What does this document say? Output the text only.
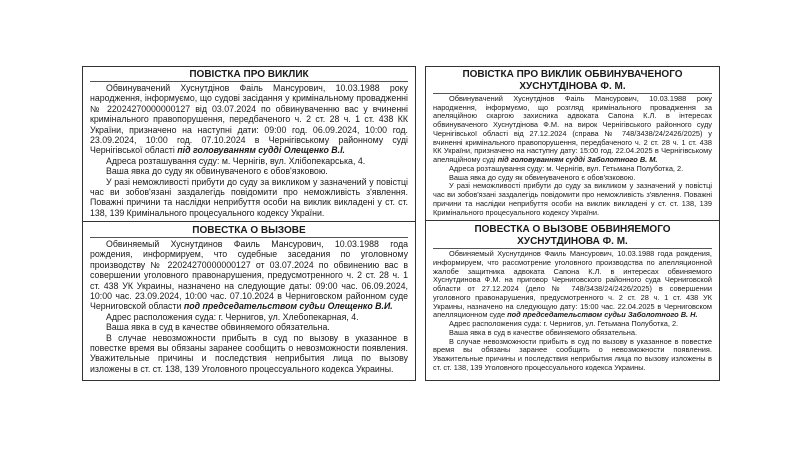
ПОВІСТКА ПРО ВИКЛИК

Обвинувачений Хуснутдінов Фаіль Мансурович, 10.03.1988 року народження, інформуємо, що судові засідання у кримінальному провадженні № 22024270000000127 від 03.07.2024 по обвинуваченню вас у вчиненні кримінального правопорушення, передбаченого ч. 2 ст. 28 ч. 1 ст. 438 КК України, призначено на наступні дати: 09:00 год. 06.09.2024, 10:00 год. 23.09.2024, 10:00 год. 07.10.2024 в Чернігівському районному суді Чернігівської області під головуванням судді Олещенко В.І.

Адреса розташування суду: м. Чернігів, вул. Хлібопекарська, 4.

Ваша явка до суду як обвинуваченого є обов'язковою.

У разі неможливості прибути до суду за викликом у зазначений у повістці час ви зобов'язані заздалегідь повідомити про неможливість з'явлення. Поважні причини та наслідки неприбуття особи на виклик викладені у ст. ст. 138, 139 Кримінального процесуального кодексу України.

ПОВЕСТКА О ВЫЗОВЕ

Обвиняемый Хуснутдинов Фаиль Мансурович, 10.03.1988 года рождения, информируем, что судебные заседания по уголовному производству № 22024270000000127 от 03.07.2024 по обвинению вас в совершении уголовного правонарушения, предусмотренного ч. 2 ст. 28 ч. 1 ст. 438 УК Украины, назначено на следующие даты: 09:00 час. 06.09.2024, 10:00 час. 23.09.2024, 10:00 час. 07.10.2024 в Черниговском районном суде Черниговской области под председательством судьи Олещенко В.И.

Адрес расположения суда: г. Чернигов, ул. Хлебопекарная, 4.

Ваша явка в суд в качестве обвиняемого обязательна.

В случае невозможности прибыть в суд по вызову в указанное в повестке время вы обязаны заранее сообщить о невозможности появления. Уважительные причины и последствия неприбытия лица по вызову изложены в ст. ст. 138, 139 Уголовного процессуального кодекса Украины.

ПОВІСТКА ПРО ВИКЛИК ОБВИНУВАЧЕНОГО ХУСНУТДІНОВА Ф. М.

Обвинувачений Хуснутдінов Фаіль Мансурович, 10.03.1988 року народження, інформуємо, що розгляд кримінального провадження за апеляційною скаргою захисника адвоката Сапона К.Л. в інтересах обвинуваченого Хуснутдінова Ф.М. на вирок Чернігівського районного суду Чернігівської області від 27.12.2024 (справа № 748/3438/24/2426/2025) у вчиненні кримінального правопорушення, передбаченого ч. 2 ст. 28 ч. 1 ст. 438 КК України, призначено на наступну дату: 15:00 год. 22.04.2025 в Чернігівському апеляційному суді під головуванням судді Заболотного В. М.

Адреса розташування суду: м. Чернігів, вул. Гетьмана Полуботка, 2.

Ваша явка до суду як обвинуваченого є обов'язковою.

У разі неможливості прибути до суду за викликом у зазначений у повістці час ви зобов'язані заздалегідь повідомити про неможливість з'явлення. Поважні причини та наслідки неприбуття особи на виклик викладені у ст. ст. 138, 139 Кримінального процесуального кодексу України.

ПОВЕСТКА О ВЫЗОВЕ ОБВИНЯЕМОГО ХУСНУТДИНОВА Ф. М.

Обвиняемый Хуснутдинов Фаиль Мансурович, 10.03.1988 года рождения, информируем, что рассмотрение уголовного производства по апелляционной жалобе защитника адвоката Сапона К.Л. в интересах обвиняемого Хуснутдинова Ф.М. на приговор Черниговского районного суда Черниговской области от 27.12.2024 (дело № 748/3438/24/2426/2025) в совершении уголовного правонарушения, предусмотренного ч. 2 ст. 28 ч. 1 ст. 438 УК Украины, назначено на следующую дату: 15:00 час. 22.04.2025 в Черниговском апелляционном суде под председательством судьи Заболотного В. Н.

Адрес расположения суда: г. Чернигов, ул. Гетьмана Полуботка, 2.

Ваша явка в суд в качестве обвиняемого обязательна.

В случае невозможности прибыть в суд по вызову в указанное в повестке время вы обязаны заранее сообщить о невозможности появления. Уважительные причины и последствия неприбытия лица по вызову изложены в ст. ст. 138, 139 Уголовного процессуального кодекса Украины.
